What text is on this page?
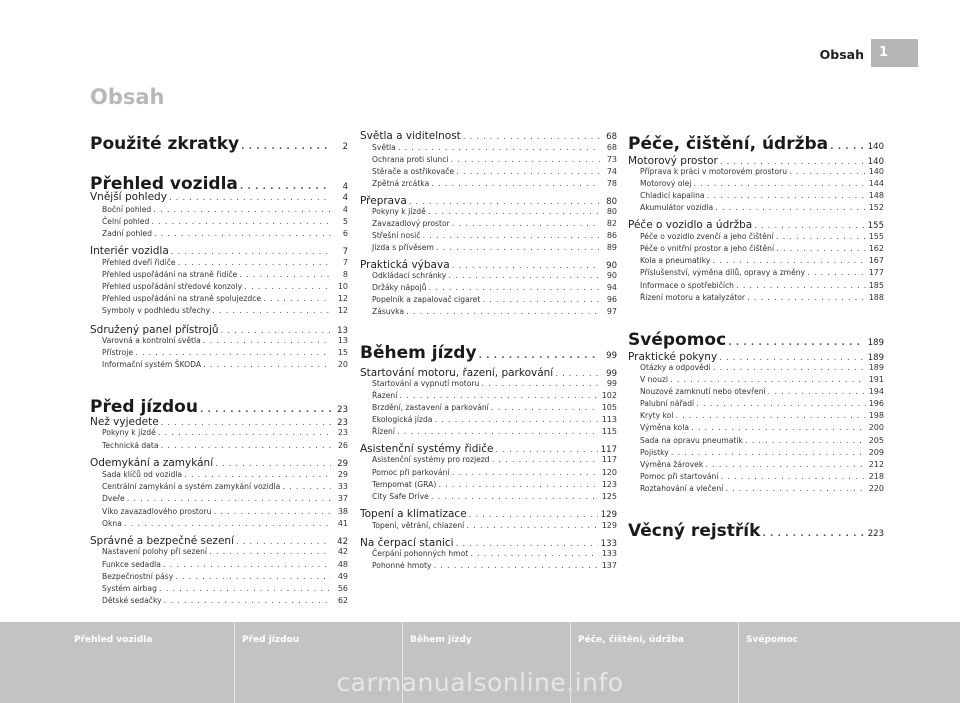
Obsah	1
Obsah
Použité zkratky . . .	2
Přehled vozidla . . .	4
Vnější pohledy . . .	4
Boční pohled . . .	4
Čelní pohled . . .	5
Zadní pohled . . .	6
Interiér vozidla . . .	7
Přehled dveří řidiče . . .	7
Přehled uspořádání na straně řidiče . . .	8
Přehled uspořádání středové konzoly . . .	10
Přehled uspořádání na straně spolujezdce . . .	12
Symboly v podhledu střechy . . .	12
Sdružený panel přístrojů . . .	13
Varovná a kontrolní světla . . .	13
Přístroje . . .	15
Informační systém ŠKODA . . .	20
Před jízdou . . .	23
Než vyjedete . . .	23
Pokyny k jízdě . . .	23
Technická data . . .	26
Odemykání a zamykání . . .	29
Sada klíčů od vozidla . . .	29
Centrální zamykání a systém zamykání vozidla . . .	33
Dveře . . .	37
Víko zavazadlového prostoru . . .	38
Okna . . .	41
Správné a bezpečné sezení . . .	42
Nastavení polohy při sezení . . .	42
Funkce sedadla . . .	48
Bezpečnostní pásy . . .	49
Systém airbag . . .	56
Dětské sedačky . . .	62
Světla a viditelnost . . .	68
Světla . . .	68
Ochrana proti slunci . . .	73
Stěrače a ostřikovače . . .	74
Zpětná zrcátka . . .	78
Přeprava . . .	80
Pokyny k jízdě . . .	80
Zavazadlový prostor . . .	82
Střešní nosič . . .	86
Jízda s přívěsem . . .	89
Praktická výbava . . .	90
Odkládací schránky . . .	90
Držáky nápojů . . .	94
Popelník a zapalovač cigaret . . .	96
Zásuvka . . .	97
Během jízdy . . .	99
Startování motoru, řazení, parkování . . .	99
Startování a vypnutí motoru . . .	99
Řazení . . .	102
Brzdění, zastavení a parkování . . .	105
Ekologická jízda . . .	113
Řízení . . .	115
Asistenční systémy řidiče . . .	117
Asistenční systémy pro rozjezd . . .	117
Pomoc při parkování . . .	120
Tempomat (GRA) . . .	123
City Safe Drive . . .	125
Topení a klimatizace . . .	129
Topení, větrání, chlazení . . .	129
Na čerpací stanici . . .	133
Čerpání pohonných hmot . . .	133
Pohonné hmoty . . .	137
Péče, čištění, údržba . . .	140
Motorový prostor . . .	140
Příprava k práci v motorovém prostoru . . .	140
Motorový olej . . .	144
Chladicí kapalina . . .	148
Akumulátor vozidla . . .	152
Péče o vozidlo a údržba . . .	155
Péče o vozidlo zvenčí a jeho čištění . . .	155
Péče o vnitřní prostor a jeho čištění . . .	162
Kola a pneumatiky . . .	167
Příslušenství, výměna dílů, opravy a změny . . .	177
Informace o spotřebičích . . .	185
Řízení motoru a katalyzátor . . .	188
Svépomoc . . .	189
Praktické pokyny . . .	189
Otázky a odpovědi . . .	189
V nouzi . . .	191
Nouzové zamknutí nebo otevření . . .	194
Palubní nářadí . . .	196
Kryty kol . . .	198
Výměna kola . . .	200
Sada na opravu pneumatik . . .	205
Pojistky . . .	209
Výměna žárovek . . .	212
Pomoc při startování . . .	218
Roztahování a vlečení . . .	220
Věcný rejstřík . . .	223
Přehled vozidla	Před jízdou	Během jízdy	Péče, čištění, údržba	Svépomoc
carmanualsonline.info
